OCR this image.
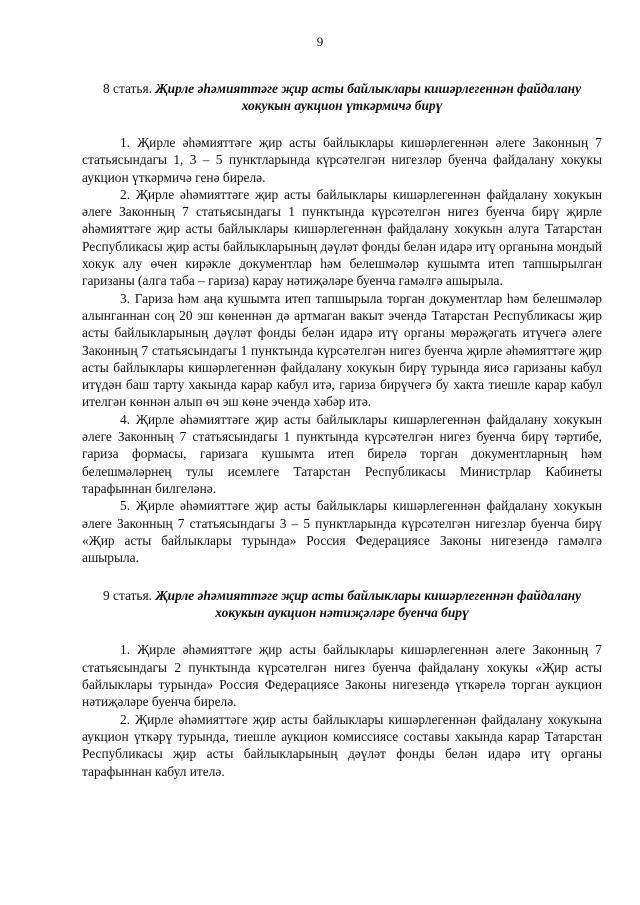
9
8 статья. Җирле әһәмияттәге җир асты байлыклары кишәрлегеннән файдалану хокукын аукцион үткәрмичә бирү

1. Җирле әһәмияттәге җир асты байлыклары кишәрлегеннән әлеге Законның 7 статьясындагы 1, 3 – 5 пунктларында күрсәтелгән нигезләр буенча файдалану хокукы аукцион үткәрмичә генә бирелә.

2. Җирле әһәмияттәге җир асты байлыклары кишәрлегеннән файдалану хокукын әлеге Законның 7 статьясындагы 1 пунктында күрсәтелгән нигез буенча бирү җирле әһәмияттәге җир асты байлыклары кишәрлегеннән файдалану хокукын алуга Татарстан Республикасы җир асты байлыкларының дәүләт фонды белән идарә итү органына мондый хокук алу өчен кирәкле документлар һәм белешмәләр кушымта итеп тапшырылган гаризаны (алга таба – гариза) карау нәтиҗәләре буенча гамәлгә ашырыла.

3. Гариза һәм аңа кушымта итеп тапшырыла торган документлар һәм белешмәләр алынганнан соң 20 эш көненнән дә артмаган вакыт эчендә Татарстан Республикасы җир асты байлыкларының дәүләт фонды белән идарә итү органы мөрәҗәгать итүчегә әлеге Законның 7 статьясындагы 1 пунктында күрсәтелгән нигез буенча җирле әһәмияттәге җир асты байлыклары кишәрлегеннән файдалану хокукын бирү турында яисә гаризаны кабул итүдән баш тарту хакында карар кабул итә, гариза бирүчегә бу хакта тиешле карар кабул ителгән көннән алып өч эш көне эчендә хәбәр итә.

4. Җирле әһәмияттәге җир асты байлыклары кишәрлегеннән файдалану хокукын әлеге Законның 7 статьясындагы 1 пунктында күрсәтелгән нигез буенча бирү тәртибе, гариза формасы, гаризага кушымта итеп бирелә торган документларның һәм белешмәләрнең тулы исемлеге Татарстан Республикасы Министрлар Кабинеты тарафыннан билгеләнә.

5. Җирле әһәмияттәге җир асты байлыклары кишәрлегеннән файдалану хокукын әлеге Законның 7 статьясындагы 3 – 5 пунктларында күрсәтелгән нигезләр буенча бирү «Җир асты байлыклары турында» Россия Федерациясе Законы нигезендә гамәлгә ашырыла.

9 статья. Җирле әһәмияттәге җир асты байлыклары кишәрлегеннән файдалану хокукын аукцион нәтиҗәләре буенча бирү

1. Җирле әһәмияттәге җир асты байлыклары кишәрлегеннән әлеге Законның 7 статьясындагы 2 пунктында күрсәтелгән нигез буенча файдалану хокукы «Җир асты байлыклары турында» Россия Федерациясе Законы нигезендә үткәрелә торган аукцион нәтиҗәләре буенча бирелә.

2. Җирле әһәмияттәге җир асты байлыклары кишәрлегеннән файдалану хокукына аукцион үткәрү турында, тиешле аукцион комиссиясе составы хакында карар Татарстан Республикасы җир асты байлыкларының дәүләт фонды белән идарә итү органы тарафыннан кабул ителә.
